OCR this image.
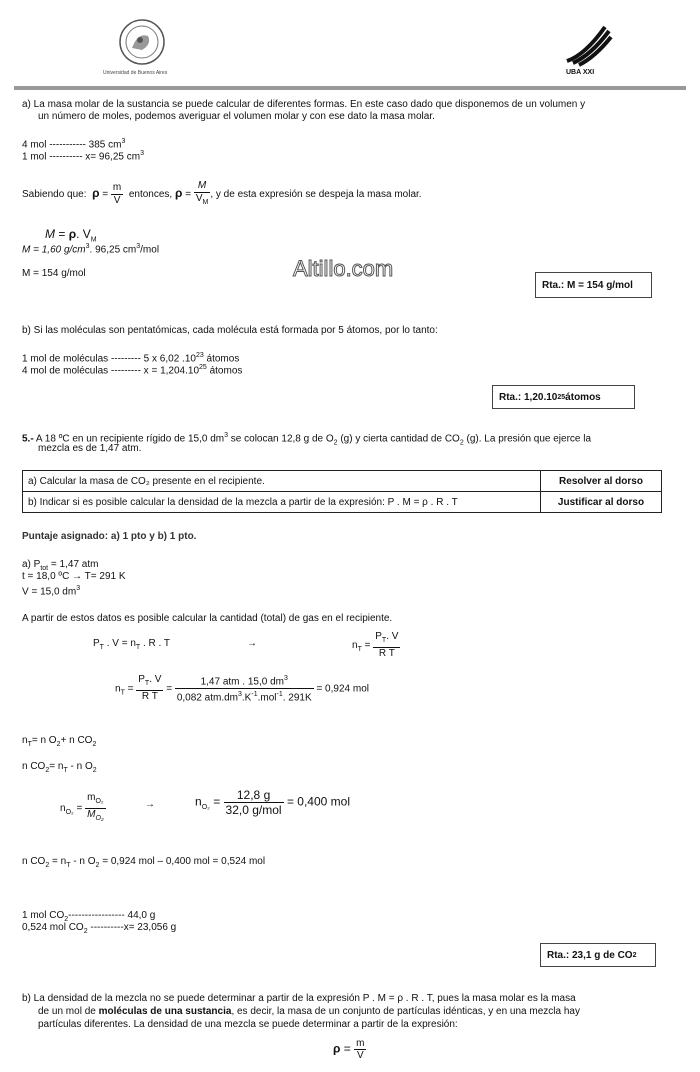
Universidad de Buenos Aires	UBA XXI
a) La masa molar de la sustancia se puede calcular de diferentes formas. En este caso dado que disponemos de un volumen y
un número de moles, podemos averiguar el volumen molar y con ese dato la masa molar.
4 mol ----------- 385 $cm^3$
1 mol ---------- x= 96,25 $cm^3$
Sabiendo que: $\rho = \frac{m}{V}$ entonces, $\rho = \frac{M}{V_M}$ , y de esta expresión se despeja la masa molar.
M = ρ. $V_M$
M = 1,60 $g/cm^3$. 96,25 $cm^3$/mol
M = 154 g/mol	Altillo.com
Rta.: M = 154 g/mol
b) Si las moléculas son pentatómicas, cada molécula está formada por 5 átomos, por lo tanto:
1 mol de moléculas --------- 5 x 6,02 $.10^{23}$ átomos
4 mol de moléculas --------- $x = 1,204.10^{25}$ átomos
Rta.: 1,20.10 25 átomos
5.- A 18 ºC en un recipiente rígido de 15,0 $dm^3$ se colocan 12,8 g de $O_2$ (g) y cierta cantidad de $CO_2$ (g). La presión que ejerce la
mezcla es de 1,47 atm.
a) Calcular la masa de CO₂ presente en el recipiente.	Resolver al dorso
b) Indicar si es posible calcular la densidad de la mezcla a partir de la expresión: P . M = ρ . R . T	Justificar al dorso
Puntaje asignado: a) 1 pto y b) 1 pto.
a) $P_{tot} = 1,47$ atm
t = 18,0 ºC → T= 291 K
V = 15,0 $dm^3$
A partir de estos datos es posible calcular la cantidad (total) de gas en el recipiente.
$P_T$ . $V = n_T$ . R . T	→	$n_T = \frac{P_T. V}{\text{R T}}$
$n_T = \frac{P_T. V}{\text{R T}} = \frac{1,47 atm . 15,0 dm^3}{0,082 atm.dm^3.K^{-1}.mol^{-1}. 291K} = 0,924$ mol
$n_T= n$ $O_2+ n$ $CO_2$
n $CO_2= n_T - n$ $O_2$
$n_{O_2} = \frac{m_{O_2}}{M_{O_2}}$	→	$n_{O_2} = \frac{12,8 g}{\text{32,0 g/mol}} = 0,400$ mol
n $CO_2 = n_T - n$ $O_2 = 0,924$ mol – 0,400 mol = 0,524 mol
1 mol $CO_2-----------------$ 44,0 g
0,524 mol $CO_2$ ----------x= 23,056 g
Rta.: 23,1 g de CO 2
b) La densidad de la mezcla no se puede determinar a partir de la expresión P . M = ρ . R . T, pues la masa molar es la masa
de un mol de moléculas de una sustancia, es decir, la masa de un conjunto de partículas idénticas, y en una mezcla hay
partículas diferentes. La densidad de una mezcla se puede determinar a partir de la expresión:
$\rho = \frac{m}{V}$
